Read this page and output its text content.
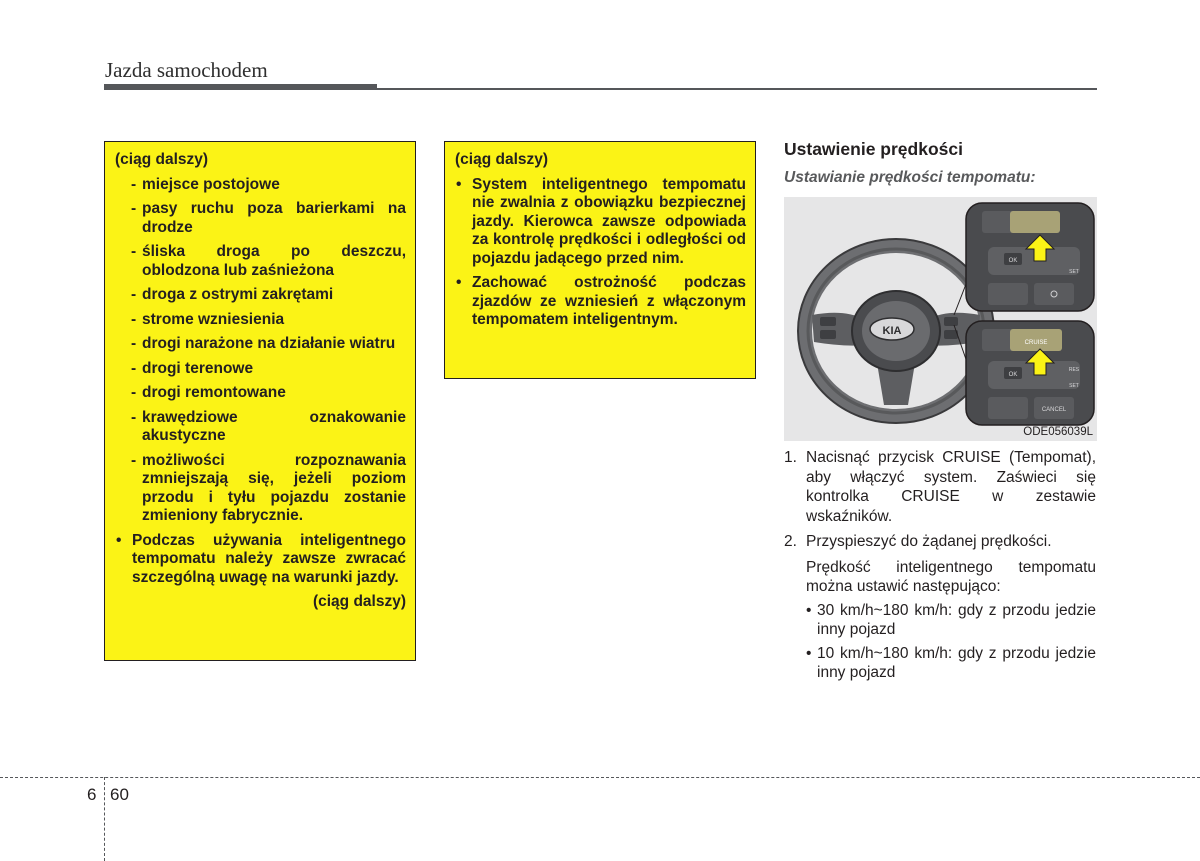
Jazda samochodem
(ciąg dalszy)
- miejsce postojowe
- pasy ruchu poza barierkami na drodze
- śliska droga po deszczu, oblodzona lub zaśnieżona
- droga z ostrymi zakrętami
- strome wzniesienia
- drogi narażone na działanie wiatru
- drogi terenowe
- drogi remontowane
- krawędziowe oznakowanie akustyczne
- możliwości rozpoznawania zmniejszają się, jeżeli poziom przodu i tyłu pojazdu zostanie zmieniony fabrycznie.
• Podczas używania inteligentnego tempomatu należy zawsze zwracać szczególną uwagę na warunki jazdy.
(ciąg dalszy)
(ciąg dalszy)
• System inteligentnego tempomatu nie zwalnia z obowiązku bezpiecznej jazdy. Kierowca zawsze odpowiada za kontrolę prędkości i odległości od pojazdu jadącego przed nim.
• Zachować ostrożność podczas zjazdów ze wzniesień z włączonym tempomatem inteligentnym.
Ustawienie prędkości
Ustawianie prędkości tempomatu:
KIA
OK
SET
CRUISE
OK
RES
SET
CANCEL
ODE056039L
1. Nacisnąć przycisk CRUISE (Tempomat), aby włączyć system. Zaświeci się kontrolka CRUISE w zestawie wskaźników.
2. Przyspieszyć do żądanej prędkości.
Prędkość inteligentnego tempomatu można ustawić następująco:
• 30 km/h~180 km/h: gdy z przodu jedzie inny pojazd
• 10 km/h~180 km/h: gdy z przodu jedzie inny pojazd
6 60
